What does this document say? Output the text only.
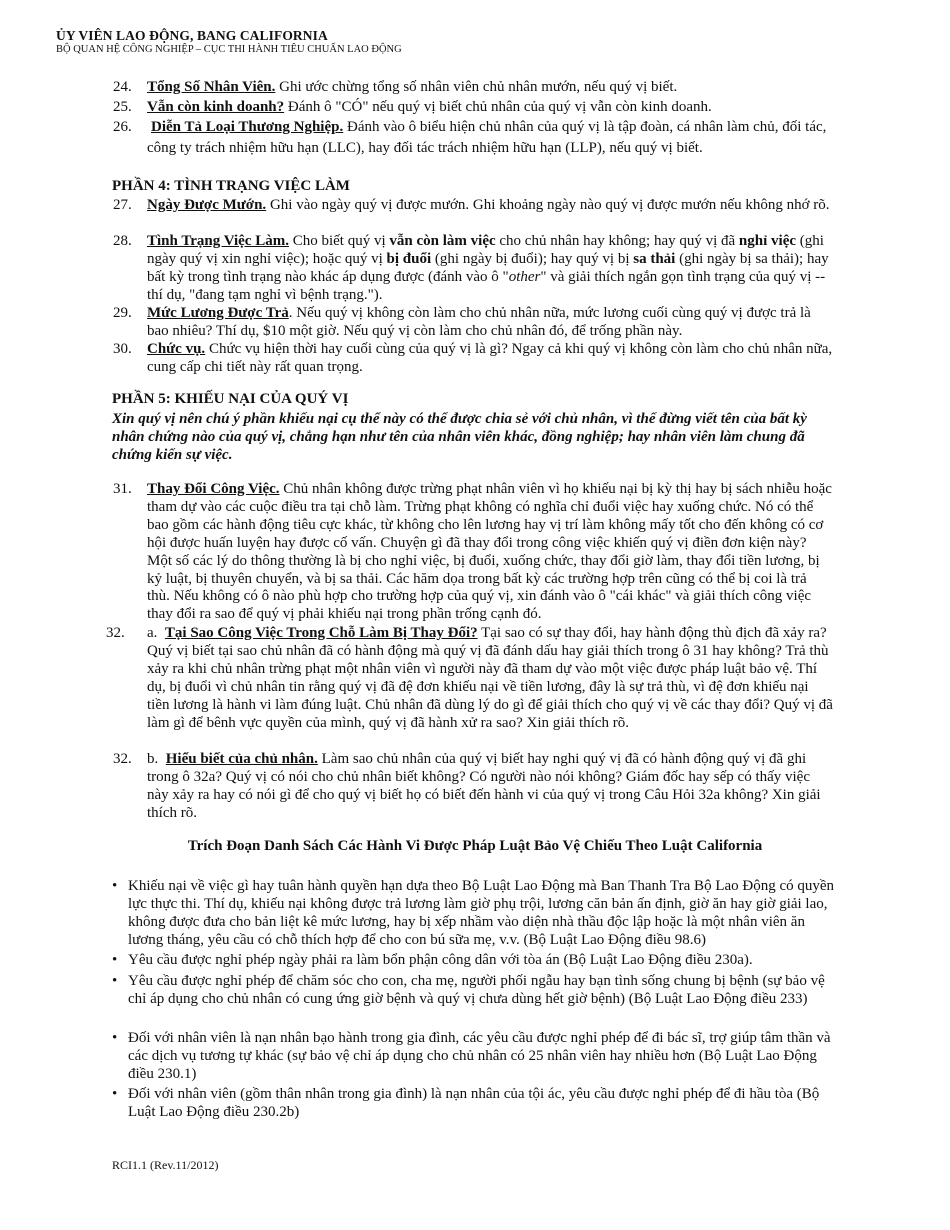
ỦY VIÊN LAO ĐỘNG, BANG CALIFORNIA
BỘ QUAN HỆ CÔNG NGHIỆP – CỤC THI HÀNH TIÊU CHUẨN LAO ĐỘNG
24. Tổng Số Nhân Viên. Ghi ước chừng tổng số nhân viên chủ nhân mướn, nếu quý vị biết.
25. Vẫn còn kinh doanh? Đánh ô "CÓ" nếu quý vị biết chủ nhân của quý vị vẫn còn kinh doanh.
26. Diễn Tả Loại Thương Nghiệp. Đánh vào ô biểu hiện chủ nhân của quý vị là tập đoàn, cá nhân làm chủ, đối tác, công ty trách nhiệm hữu hạn (LLC), hay đối tác trách nhiệm hữu hạn (LLP), nếu quý vị biết.
PHẦN 4: TÌNH TRẠNG VIỆC LÀM
27. Ngày Được Mướn. Ghi vào ngày quý vị được mướn. Ghi khoảng ngày nào quý vị được mướn nếu không nhớ rõ.
28. Tình Trạng Việc Làm. Cho biết quý vị vẫn còn làm việc cho chủ nhân hay không; hay quý vị đã nghỉ việc (ghi ngày quý vị xin nghỉ việc); hoặc quý vị bị đuổi (ghi ngày bị đuổi); hay quý vị bị sa thải (ghi ngày bị sa thải); hay bất kỳ trong tình trạng nào khác áp dụng được (đánh vào ô "other" và giải thích ngắn gọn tình trạng của quý vị -- thí dụ, "đang tạm nghỉ vì bệnh trạng.").
29. Mức Lương Được Trả. Nếu quý vị không còn làm cho chủ nhân nữa, mức lương cuối cùng quý vị được trả là bao nhiêu? Thí dụ, $10 một giờ. Nếu quý vị còn làm cho chủ nhân đó, để trống phần này.
30. Chức vụ. Chức vụ hiện thời hay cuối cùng của quý vị là gì? Ngay cả khi quý vị không còn làm cho chủ nhân nữa, cung cấp chi tiết này rất quan trọng.
PHẦN 5: KHIẾU NẠI CỦA QUÝ VỊ
Xin quý vị nên chú ý phần khiếu nại cụ thể này có thể được chia sẻ với chủ nhân, vì thế đừng viết tên của bất kỳ nhân chứng nào của quý vị, chẳng hạn như tên của nhân viên khác, đồng nghiệp; hay nhân viên làm chung đã chứng kiến sự việc.
31. Thay Đổi Công Việc. Chủ nhân không được trừng phạt nhân viên vì họ khiếu nại bị kỳ thị hay bị sách nhiễu hoặc tham dự vào các cuộc điều tra tại chỗ làm. Trừng phạt không có nghĩa chỉ đuổi việc hay xuống chức. Nó có thể bao gồm các hành động tiêu cực khác, từ không cho lên lương hay vị trí làm không mấy tốt cho đến không có cơ hội được huấn luyện hay được cố vấn. Chuyện gì đã thay đổi trong công việc khiến quý vị điền đơn kiện này? Một số các lý do thông thường là bị cho nghỉ việc, bị đuổi, xuống chức, thay đổi giờ làm, thay đổi tiền lương, bị kỷ luật, bị thuyên chuyển, và bị sa thải. Các hăm dọa trong bất kỳ các trường hợp trên cũng có thể bị coi là trả thù. Nếu không có ô nào phù hợp cho trường hợp của quý vị, xin đánh vào ô "cái khác" và giải thích công việc thay đổi ra sao để quý vị phải khiếu nại trong phần trống cạnh đó.
32. a. Tại Sao Công Việc Trong Chỗ Làm Bị Thay Đổi? Tại sao có sự thay đổi, hay hành động thù địch đã xảy ra? Quý vị biết tại sao chủ nhân đã có hành động mà quý vị đã đánh dấu hay giải thích trong ô 31 hay không? Trả thù xảy ra khi chủ nhân trừng phạt một nhân viên vì người này đã tham dự vào một việc được pháp luật bảo vệ. Thí dụ, bị đuổi vì chủ nhân tin rằng quý vị đã đệ đơn khiếu nại về tiền lương, đây là sự trả thù, vì đệ đơn khiếu nại tiền lương là hành vi làm đúng luật. Chủ nhân đã dùng lý do gì để giải thích cho quý vị về các thay đổi? Quý vị đã làm gì để bênh vực quyền của mình, quý vị đã hành xử ra sao? Xin giải thích rõ.
32. b. Hiểu biết của chủ nhân. Làm sao chủ nhân của quý vị biết hay nghi quý vị đã có hành động quý vị đã ghi trong ô 32a? Quý vị có nói cho chủ nhân biết không? Có người nào nói không? Giám đốc hay sếp có thấy việc này xảy ra hay có nói gì để cho quý vị biết họ có biết đến hành vi của quý vị trong Câu Hỏi 32a không? Xin giải thích rõ.
Trích Đoạn Danh Sách Các Hành Vi Được Pháp Luật Bảo Vệ Chiếu Theo Luật California
• Khiếu nại về việc gì hay tuân hành quyền hạn dựa theo Bộ Luật Lao Động mà Ban Thanh Tra Bộ Lao Động có quyền lực thực thi. Thí dụ, khiếu nại không được trả lương làm giờ phụ trội, lương căn bản ấn định, giờ ăn hay giờ giải lao, không được đưa cho bản liệt kê mức lương, hay bị xếp nhầm vào diện nhà thầu độc lập hoặc là một nhân viên ăn lương tháng, yêu cầu có chỗ thích hợp để cho con bú sữa mẹ, v.v. (Bộ Luật Lao Động điều 98.6)
• Yêu cầu được nghỉ phép ngày phải ra làm bổn phận công dân với tòa án (Bộ Luật Lao Động điều 230a).
• Yêu cầu được nghỉ phép để chăm sóc cho con, cha mẹ, người phối ngẫu hay bạn tình sống chung bị bệnh (sự bảo vệ chỉ áp dụng cho chủ nhân có cung ứng giờ bệnh và quý vị chưa dùng hết giờ bệnh) (Bộ Luật Lao Động điều 233)
• Đối với nhân viên là nạn nhân bạo hành trong gia đình, các yêu cầu được nghỉ phép để đi bác sĩ, trợ giúp tâm thần và các dịch vụ tương tự khác (sự bảo vệ chỉ áp dụng cho chủ nhân có 25 nhân viên hay nhiều hơn (Bộ Luật Lao Động điều 230.1)
• Đối với nhân viên (gồm thân nhân trong gia đình) là nạn nhân của tội ác, yêu cầu được nghỉ phép để đi hầu tòa (Bộ Luật Lao Động điều 230.2b)
RCI1.1 (Rev.11/2012)
